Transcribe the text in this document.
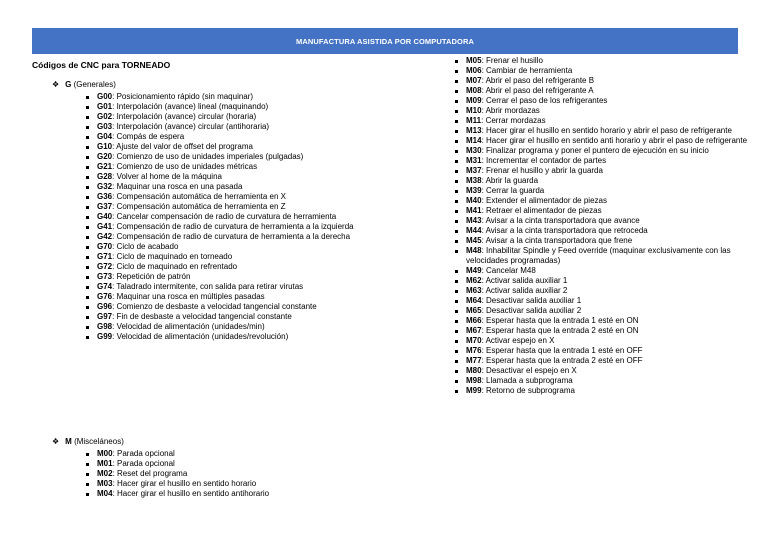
MANUFACTURA ASISTIDA POR COMPUTADORA
Códigos de CNC para TORNEADO
❖ G (Generales)
G00: Posicionamiento rápido (sin maquinar)
G01: Interpolación (avance) lineal (maquinando)
G02: Interpolación (avance) circular (horaria)
G03: Interpolación (avance) circular (antihoraria)
G04: Compás de espera
G10: Ajuste del valor de offset del programa
G20: Comienzo de uso de unidades imperiales (pulgadas)
G21: Comienzo de uso de unidades métricas
G28: Volver al home de la máquina
G32: Maquinar una rosca en una pasada
G36: Compensación automática de herramienta en X
G37: Compensación automática de herramienta en Z
G40: Cancelar compensación de radio de curvatura de herramienta
G41: Compensación de radio de curvatura de herramienta a la izquierda
G42: Compensación de radio de curvatura de herramienta a la derecha
G70: Ciclo de acabado
G71: Ciclo de maquinado en torneado
G72: Ciclo de maquinado en refrentado
G73: Repetición de patrón
G74: Taladrado intermitente, con salida para retirar virutas
G76: Maquinar una rosca en múltiples pasadas
G96: Comienzo de desbaste a velocidad tangencial constante
G97: Fin de desbaste a velocidad tangencial constante
G98: Velocidad de alimentación (unidades/min)
G99: Velocidad de alimentación (unidades/revolución)
❖ M (Misceláneos)
M00: Parada opcional
M01: Parada opcional
M02: Reset del programa
M03: Hacer girar el husillo en sentido horario
M04: Hacer girar el husillo en sentido antihorario
M05: Frenar el husillo
M06: Cambiar de herramienta
M07: Abrir el paso del refrigerante B
M08: Abrir el paso del refrigerante A
M09: Cerrar el paso de los refrigerantes
M10: Abrir mordazas
M11: Cerrar mordazas
M13: Hacer girar el husillo en sentido horario y abrir el paso de refrigerante
M14: Hacer girar el husillo en sentido anti horario y abrir el paso de refrigerante
M30: Finalizar programa y poner el puntero de ejecución en su inicio
M31: Incrementar el contador de partes
M37: Frenar el husillo y abrir la guarda
M38: Abrir la guarda
M39: Cerrar la guarda
M40: Extender el alimentador de piezas
M41: Retraer el alimentador de piezas
M43: Avisar a la cinta transportadora que avance
M44: Avisar a la cinta transportadora que retroceda
M45: Avisar a la cinta transportadora que frene
M48: Inhabilitar Spindle y Feed override (maquinar exclusivamente con las velocidades programadas)
M49: Cancelar M48
M62: Activar salida auxiliar 1
M63: Activar salida auxiliar 2
M64: Desactivar salida auxiliar 1
M65: Desactivar salida auxiliar 2
M66: Esperar hasta que la entrada 1 esté en ON
M67: Esperar hasta que la entrada 2 esté en ON
M70: Activar espejo en X
M76: Esperar hasta que la entrada 1 esté en OFF
M77: Esperar hasta que la entrada 2 esté en OFF
M80: Desactivar el espejo en X
M98: Llamada a subprograma
M99: Retorno de subprograma
